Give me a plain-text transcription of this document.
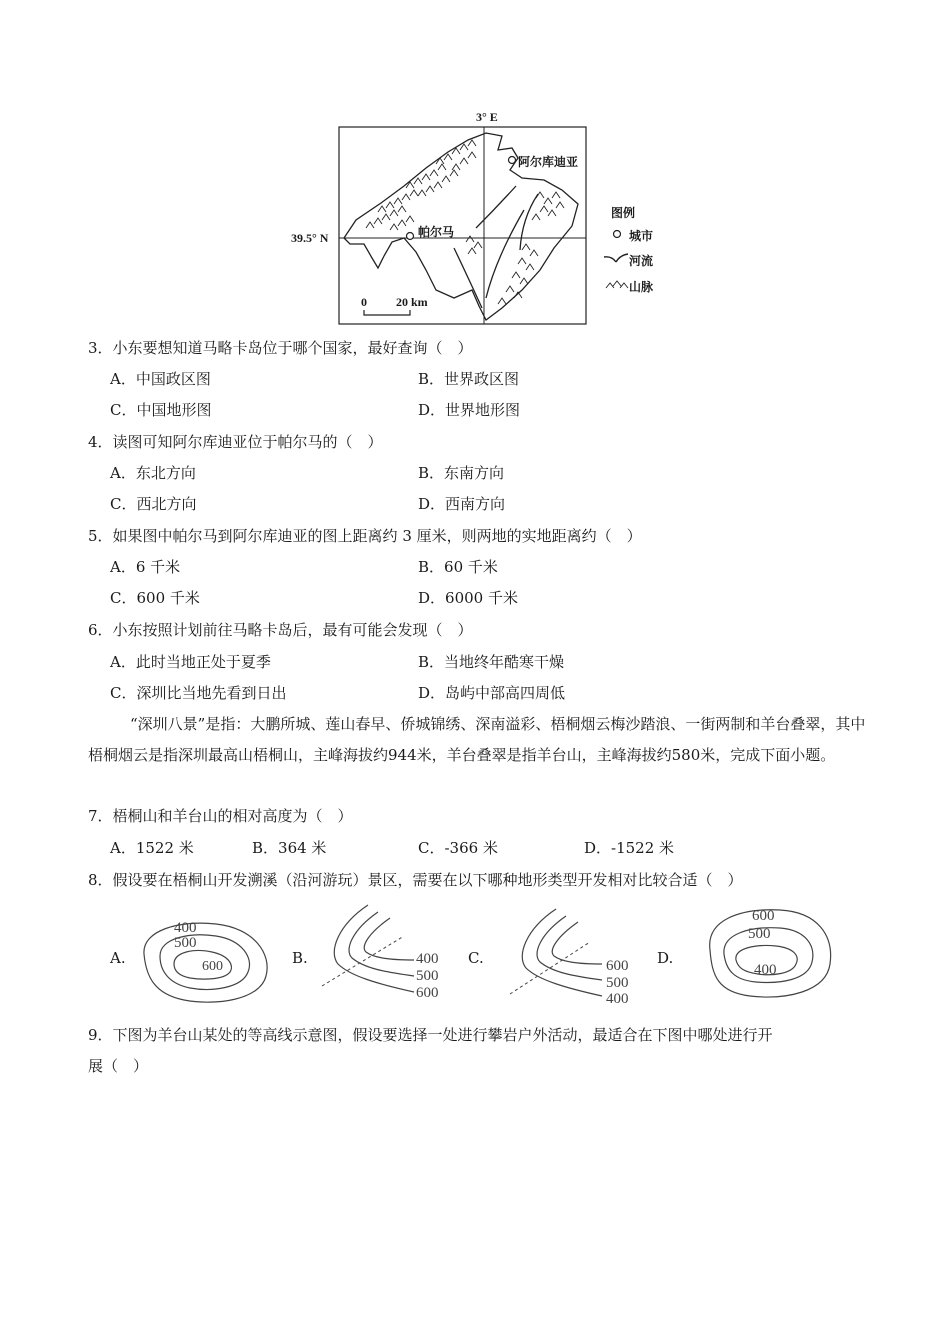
3° E
39.5° N
阿尔库迪亚
帕尔马
0 20 km
图例
城市
河流
山脉
3．小东要想知道马略卡岛位于哪个国家，最好查询（　）
A．中国政区图	B．世界政区图
C．中国地形图	D．世界地形图
4．读图可知阿尔库迪亚位于帕尔马的（　）
A．东北方向	B．东南方向
C．西北方向	D．西南方向
5．如果图中帕尔马到阿尔库迪亚的图上距离约 3 厘米，则两地的实地距离约（　）
A．6 千米	B．60 千米
C．600 千米	D．6000 千米
6．小东按照计划前往马略卡岛后，最有可能会发现（　）
A．此时当地正处于夏季	B．当地终年酷寒干燥
C．深圳比当地先看到日出	D．岛屿中部高四周低
“深圳八景”是指：大鹏所城、莲山春早、侨城锦绣、深南溢彩、梧桐烟云梅沙踏浪、一街两制和羊台叠翠，其中梧桐烟云是指深圳最高山梧桐山，主峰海拔约944米，羊台叠翠是指羊台山，主峰海拔约580米，完成下面小题。
7．梧桐山和羊台山的相对高度为（　）
A．1522 米	B．364 米	C．-366 米	D．-1522 米
8．假设要在梧桐山开发溯溪（沿河游玩）景区，需要在以下哪种地形类型开发相对比较合适（　）
A.	B.	C.	D.
400
500
600	400
500
600
600
500
400
600
500
400
9．下图为羊台山某处的等高线示意图，假设要选择一处进行攀岩户外活动，最适合在下图中哪处进行开
展（　）
